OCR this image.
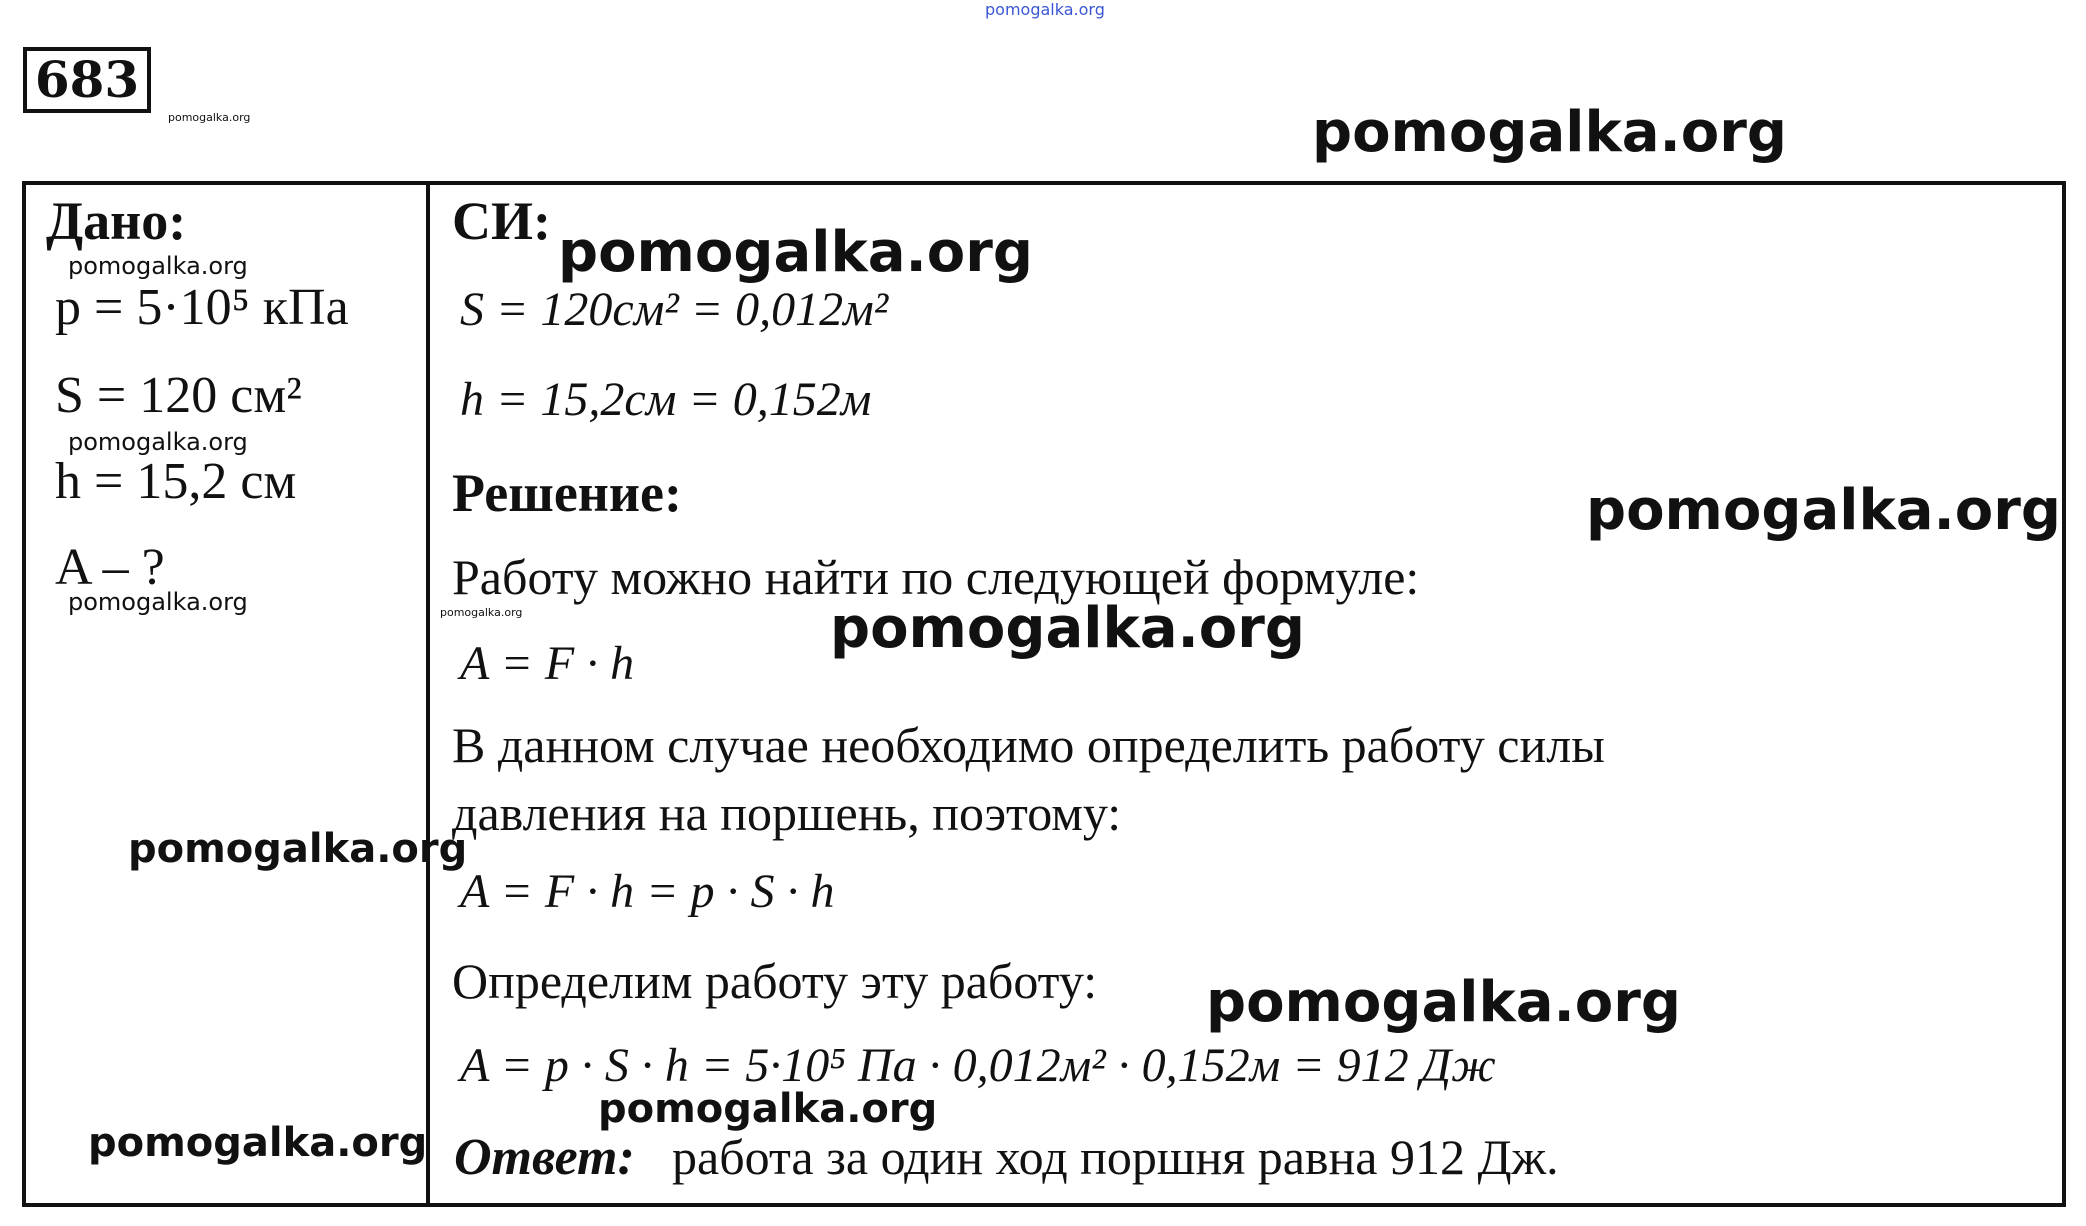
pomogalka.org
683
pomogalka.org	pomogalka.org
Дано:
pomogalka.org
p = 5·10⁵ кПа
S = 120 см²
pomogalka.org
h = 15,2 см
A – ?
pomogalka.org
pomogalka.org
pomogalka.org
СИ: pomogalka.org
S = 120см² = 0,012м²
h = 15,2см = 0,152м
Решение:	pomogalka.org
Работу можно найти по следующей формуле:
pomogalka.org	pomogalka.org
A = F · h
В данном случае необходимо определить работу силы
давления на поршень, поэтому:
A = F · h = p · S · h
Определим работу эту работу: pomogalka.org
A = p · S · h = 5·10⁵ Па · 0,012м² · 0,152м = 912 Дж
pomogalka.org
Ответ: работа за один ход поршня равна 912 Дж.
